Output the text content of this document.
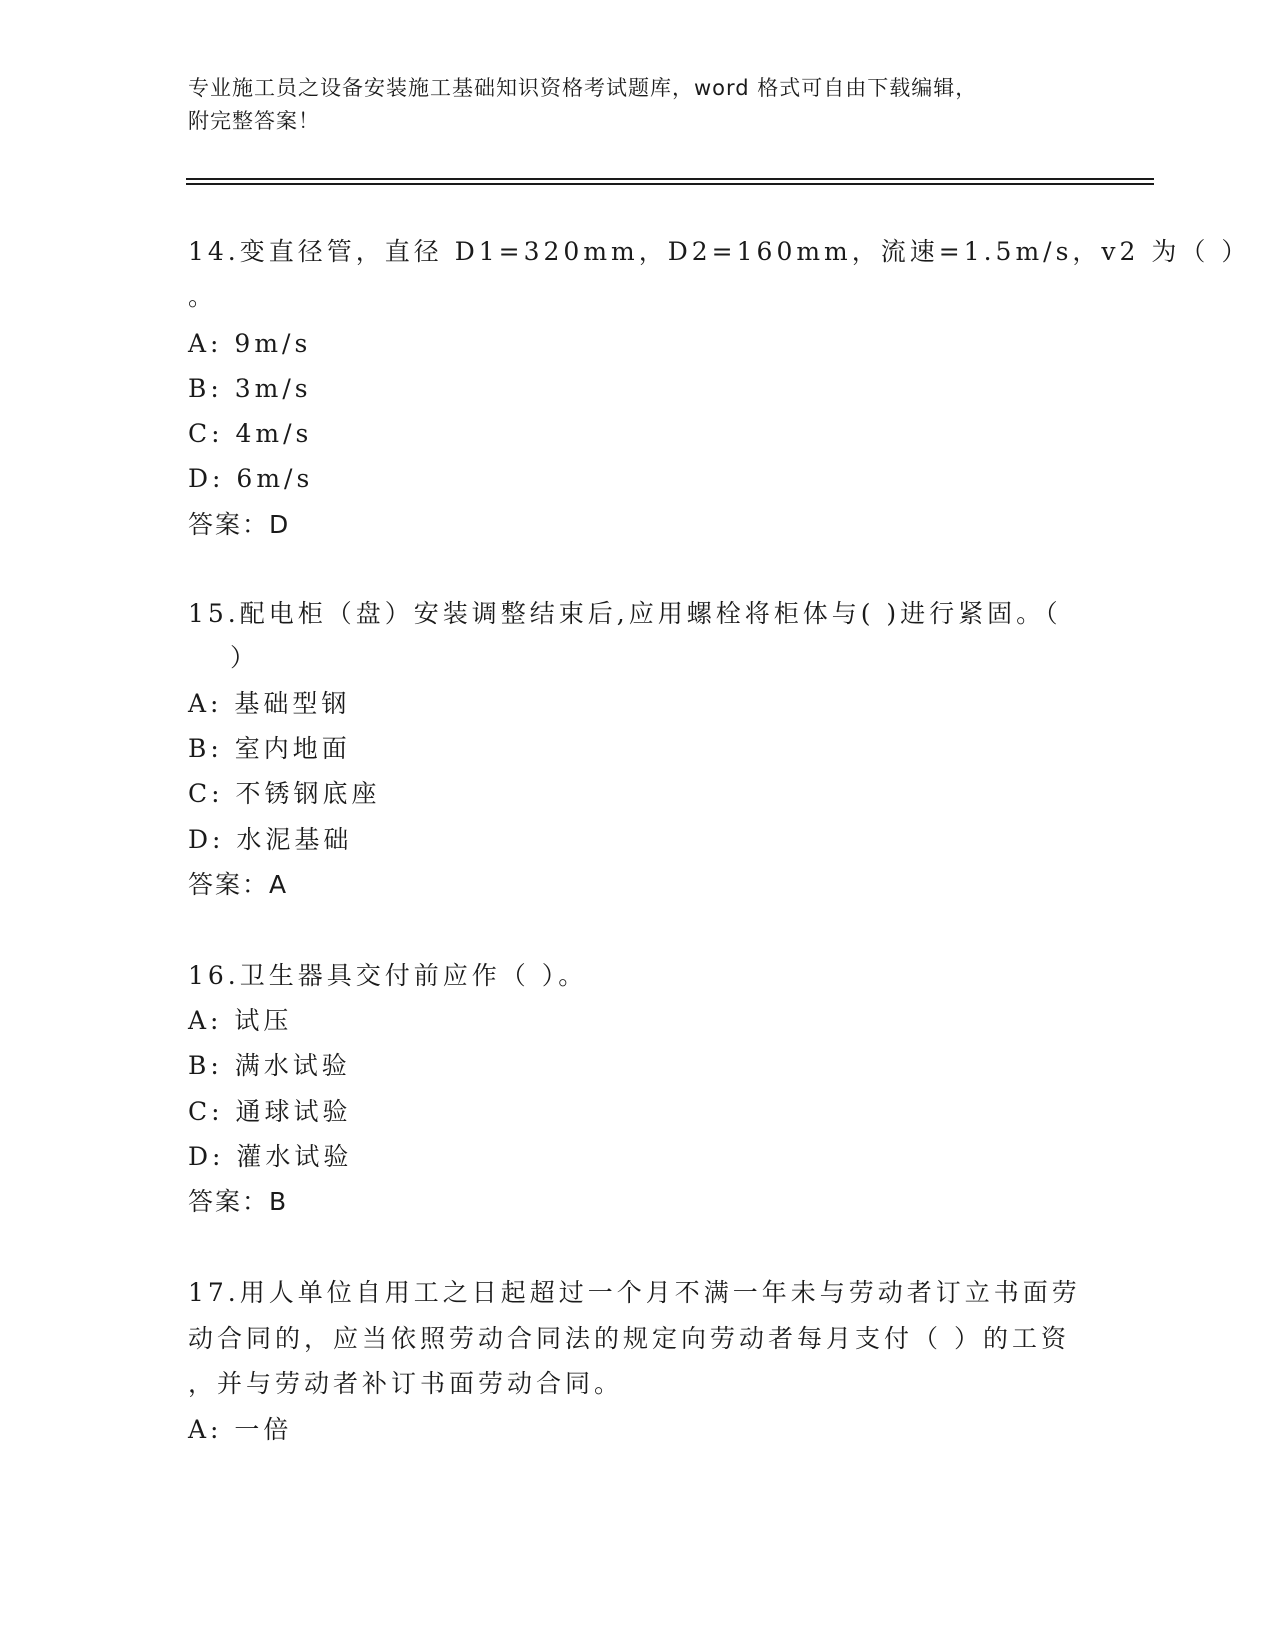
专业施工员之设备安装施工基础知识资格考试题库，word 格式可自由下载编辑，
附完整答案！
14.变直径管，直径 D1=320mm，D2=160mm，流速=1.5m/s，v2 为（ ）
。
A: 9m/s
B: 3m/s
C: 4m/s
D: 6m/s
答案：D
15.配电柜（盘）安装调整结束后,应用螺栓将柜体与( )进行紧固。（
）
A: 基础型钢
B: 室内地面
C: 不锈钢底座
D: 水泥基础
答案：A
16.卫生器具交付前应作（ ）。
A: 试压
B: 满水试验
C: 通球试验
D: 灌水试验
答案：B
17.用人单位自用工之日起超过一个月不满一年未与劳动者订立书面劳
动合同的，应当依照劳动合同法的规定向劳动者每月支付（ ）的工资
，并与劳动者补订书面劳动合同。
A: 一倍
